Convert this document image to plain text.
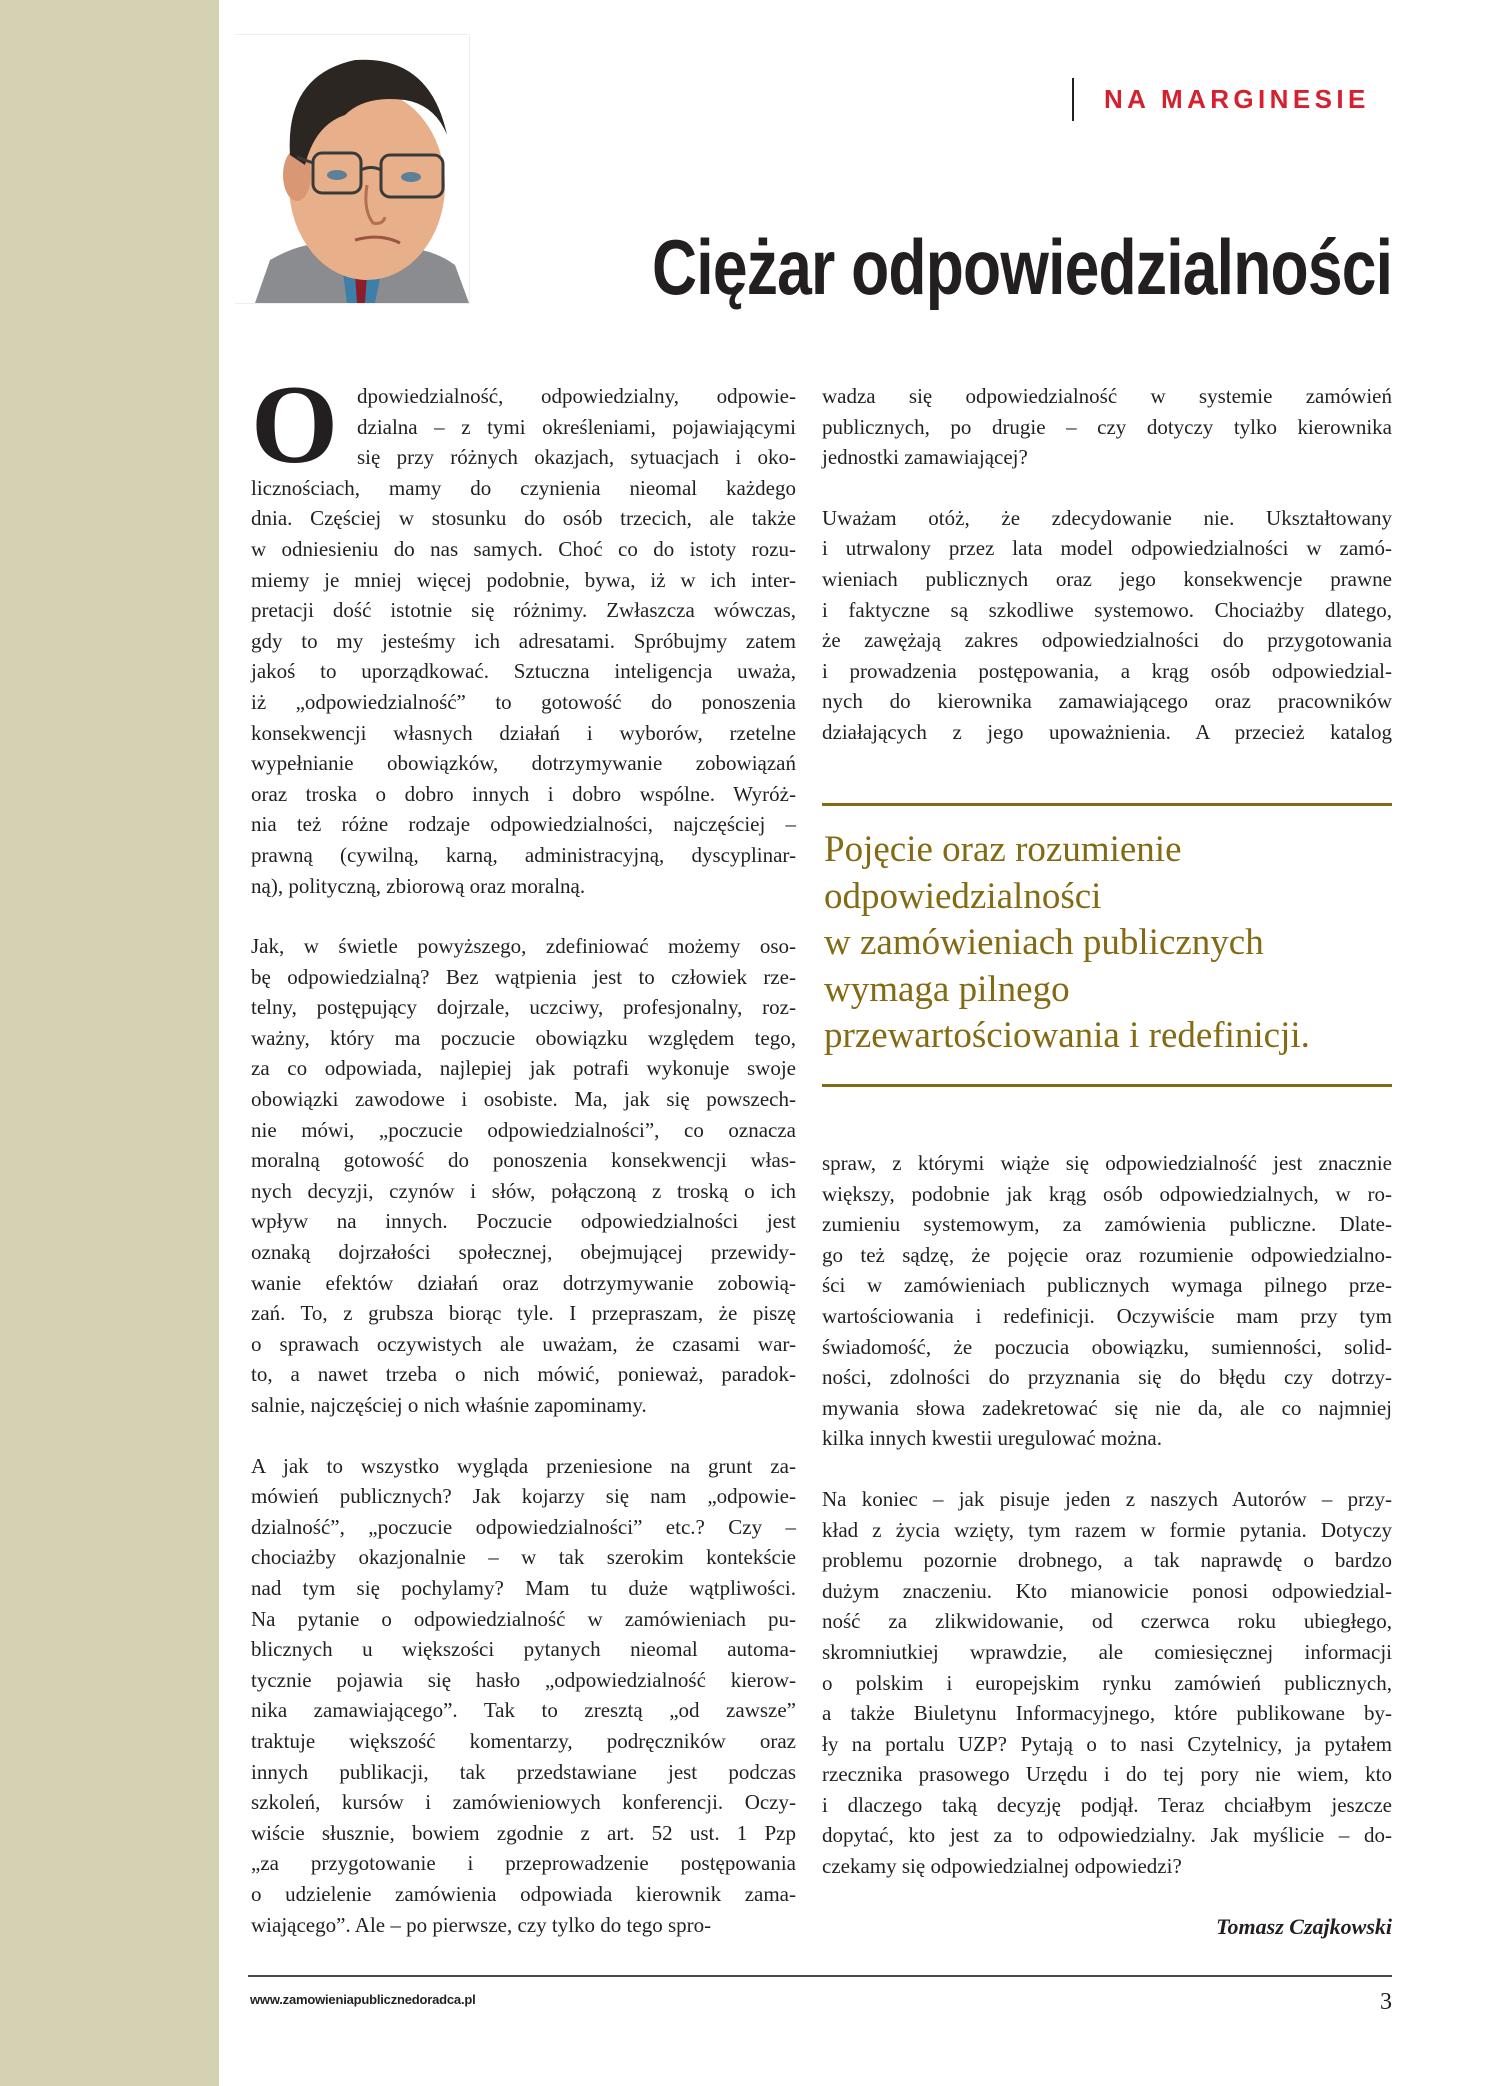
NA MARGINESIE
Ciężar odpowiedzialności
O dpowiedzialność, odpowiedzialny, odpowie-
dzialna – z tymi określeniami, pojawiającymi
się przy różnych okazjach, sytuacjach i oko-
licznościach, mamy do czynienia nieomal każdego
dnia. Częściej w stosunku do osób trzecich, ale także
w odniesieniu do nas samych. Choć co do istoty rozu-
miemy je mniej więcej podobnie, bywa, iż w ich inter-
pretacji dość istotnie się różnimy. Zwłaszcza wówczas,
gdy to my jesteśmy ich adresatami. Spróbujmy zatem
jakoś to uporządkować. Sztuczna inteligencja uważa,
iż „odpowiedzialność” to gotowość do ponoszenia
konsekwencji własnych działań i wyborów, rzetelne
wypełnianie obowiązków, dotrzymywanie zobowiązań
oraz troska o dobro innych i dobro wspólne. Wyróż-
nia też różne rodzaje odpowiedzialności, najczęściej –
prawną (cywilną, karną, administracyjną, dyscyplinar-
ną), polityczną, zbiorową oraz moralną.
Jak, w świetle powyższego, zdefiniować możemy oso-
bę odpowiedzialną? Bez wątpienia jest to człowiek rze-
telny, postępujący dojrzale, uczciwy, profesjonalny, roz-
ważny, który ma poczucie obowiązku względem tego,
za co odpowiada, najlepiej jak potrafi wykonuje swoje
obowiązki zawodowe i osobiste. Ma, jak się powszech-
nie mówi, „poczucie odpowiedzialności”, co oznacza
moralną gotowość do ponoszenia konsekwencji włas-
nych decyzji, czynów i słów, połączoną z troską o ich
wpływ na innych. Poczucie odpowiedzialności jest
oznaką dojrzałości społecznej, obejmującej przewidy-
wanie efektów działań oraz dotrzymywanie zobowią-
zań. To, z grubsza biorąc tyle. I przepraszam, że piszę
o sprawach oczywistych ale uważam, że czasami war-
to, a nawet trzeba o nich mówić, ponieważ, paradok-
salnie, najczęściej o nich właśnie zapominamy.
A jak to wszystko wygląda przeniesione na grunt za-
mówień publicznych? Jak kojarzy się nam „odpowie-
dzialność”, „poczucie odpowiedzialności” etc.? Czy –
chociażby okazjonalnie – w tak szerokim kontekście
nad tym się pochylamy? Mam tu duże wątpliwości.
Na pytanie o odpowiedzialność w zamówieniach pu-
blicznych u większości pytanych nieomal automa-
tycznie pojawia się hasło „odpowiedzialność kierow-
nika zamawiającego”. Tak to zresztą „od zawsze”
traktuje większość komentarzy, podręczników oraz
innych publikacji, tak przedstawiane jest podczas
szkoleń, kursów i zamówieniowych konferencji. Oczy-
wiście słusznie, bowiem zgodnie z art. 52 ust. 1 Pzp
„za przygotowanie i przeprowadzenie postępowania
o udzielenie zamówienia odpowiada kierownik zama-
wiającego”. Ale – po pierwsze, czy tylko do tego spro-
wadza się odpowiedzialność w systemie zamówień
publicznych, po drugie – czy dotyczy tylko kierownika
jednostki zamawiającej?
Uważam otóż, że zdecydowanie nie. Ukształtowany
i utrwalony przez lata model odpowiedzialności w zamó-
wieniach publicznych oraz jego konsekwencje prawne
i faktyczne są szkodliwe systemowo. Chociażby dlatego,
że zawężają zakres odpowiedzialności do przygotowania
i prowadzenia postępowania, a krąg osób odpowiedzial-
nych do kierownika zamawiającego oraz pracowników
działających z jego upoważnienia. A przecież katalog
Pojęcie oraz rozumienie
odpowiedzialności
w zamówieniach publicznych
wymaga pilnego
przewartościowania i redefinicji.
spraw, z którymi wiąże się odpowiedzialność jest znacznie
większy, podobnie jak krąg osób odpowiedzialnych, w ro-
zumieniu systemowym, za zamówienia publiczne. Dlate-
go też sądzę, że pojęcie oraz rozumienie odpowiedzialno-
ści w zamówieniach publicznych wymaga pilnego prze-
wartościowania i redefinicji. Oczywiście mam przy tym
świadomość, że poczucia obowiązku, sumienności, solid-
ności, zdolności do przyznania się do błędu czy dotrzy-
mywania słowa zadekretować się nie da, ale co najmniej
kilka innych kwestii uregulować można.
Na koniec – jak pisuje jeden z naszych Autorów – przy-
kład z życia wzięty, tym razem w formie pytania. Dotyczy
problemu pozornie drobnego, a tak naprawdę o bardzo
dużym znaczeniu. Kto mianowicie ponosi odpowiedzial-
ność za zlikwidowanie, od czerwca roku ubiegłego,
skromniutkiej wprawdzie, ale comiesięcznej informacji
o polskim i europejskim rynku zamówień publicznych,
a także Biuletynu Informacyjnego, które publikowane by-
ły na portalu UZP? Pytają o to nasi Czytelnicy, ja pytałem
rzecznika prasowego Urzędu i do tej pory nie wiem, kto
i dlaczego taką decyzję podjął. Teraz chciałbym jeszcze
dopytać, kto jest za to odpowiedzialny. Jak myślicie – do-
czekamy się odpowiedzialnej odpowiedzi?
Tomasz Czajkowski
www.zamowieniapublicznedoradca.pl	3
